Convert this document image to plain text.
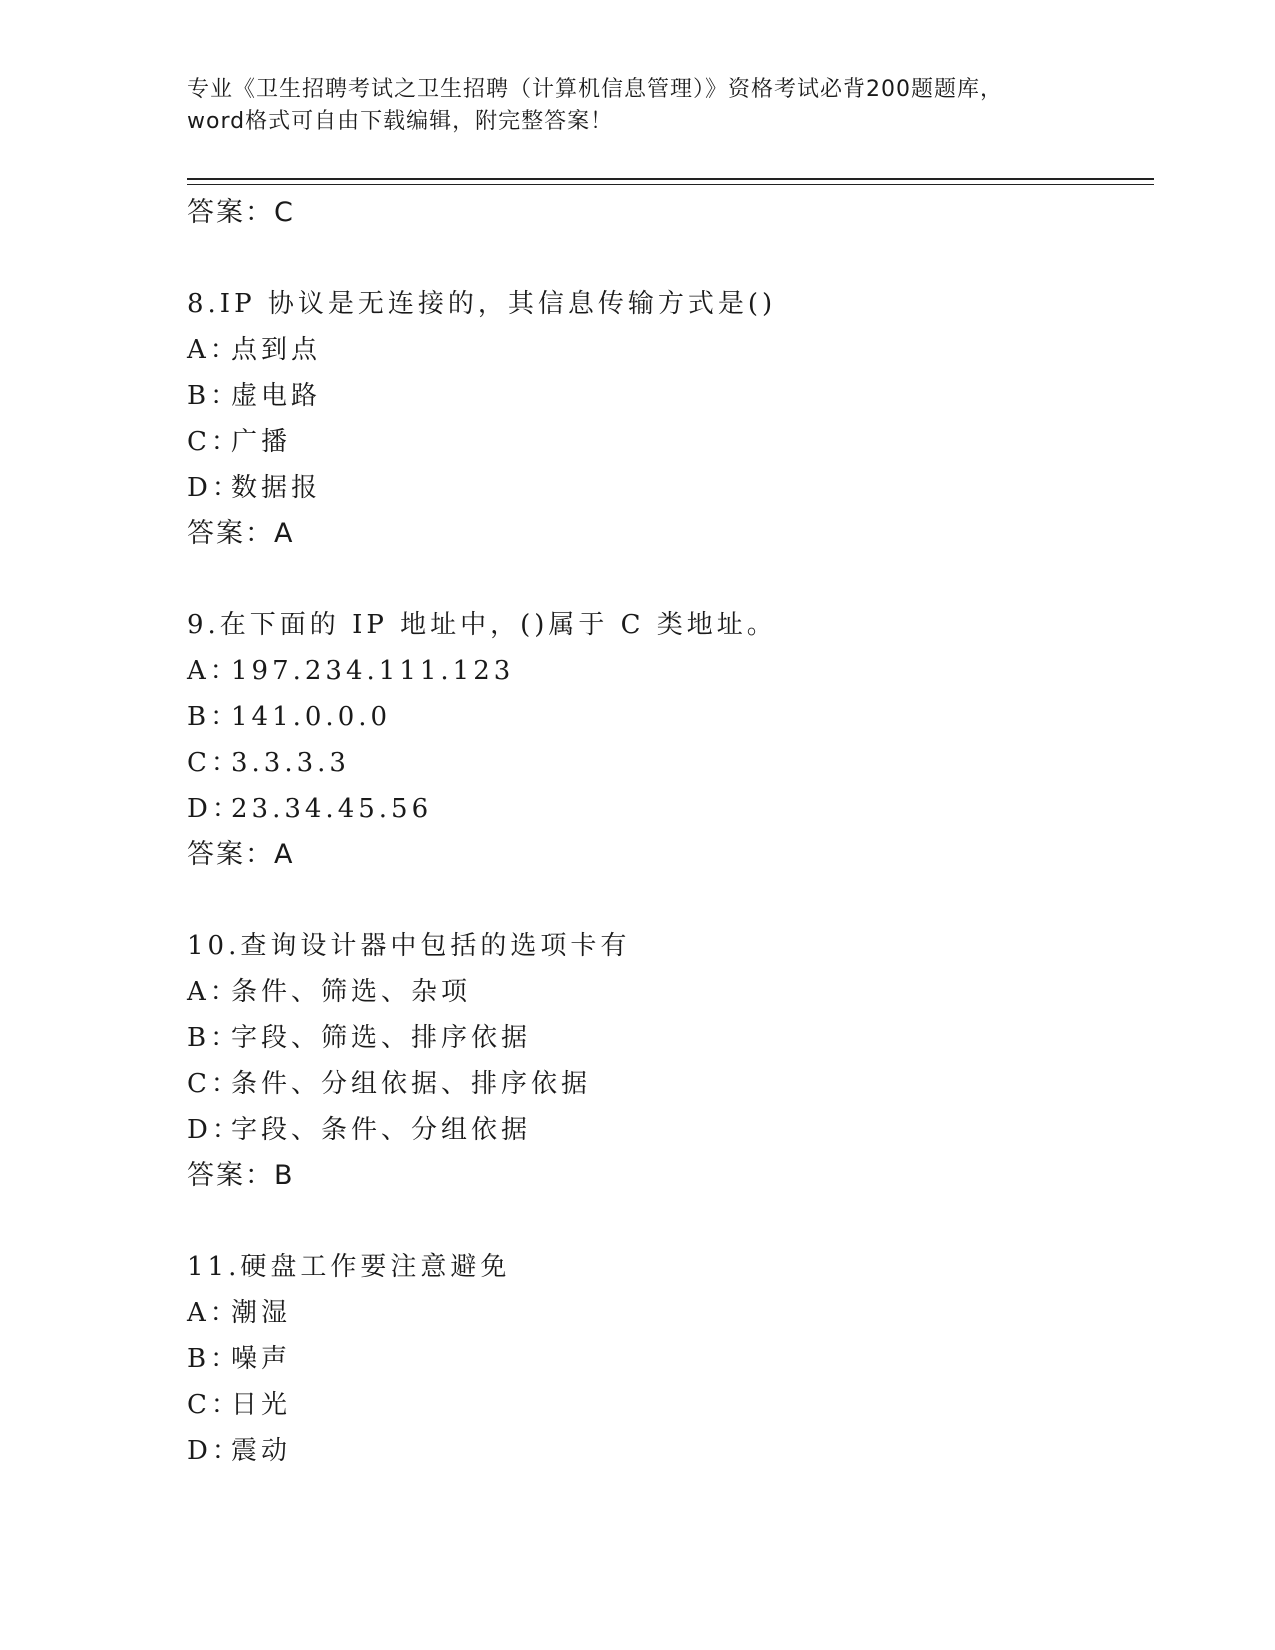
专业《卫生招聘考试之卫生招聘（计算机信息管理）》资格考试必背200题题库，
word格式可自由下载编辑，附完整答案！
答案：C
8.IP 协议是无连接的，其信息传输方式是()
A：点到点
B：虚电路
C：广播
D：数据报
答案：A
9.在下面的 IP 地址中，()属于 C 类地址。
A：197.234.111.123
B：141.0.0.0
C：3.3.3.3
D：23.34.45.56
答案：A
10.查询设计器中包括的选项卡有
A：条件、筛选、杂项
B：字段、筛选、排序依据
C：条件、分组依据、排序依据
D：字段、条件、分组依据
答案：B
11.硬盘工作要注意避免
A：潮湿
B：噪声
C：日光
D：震动
